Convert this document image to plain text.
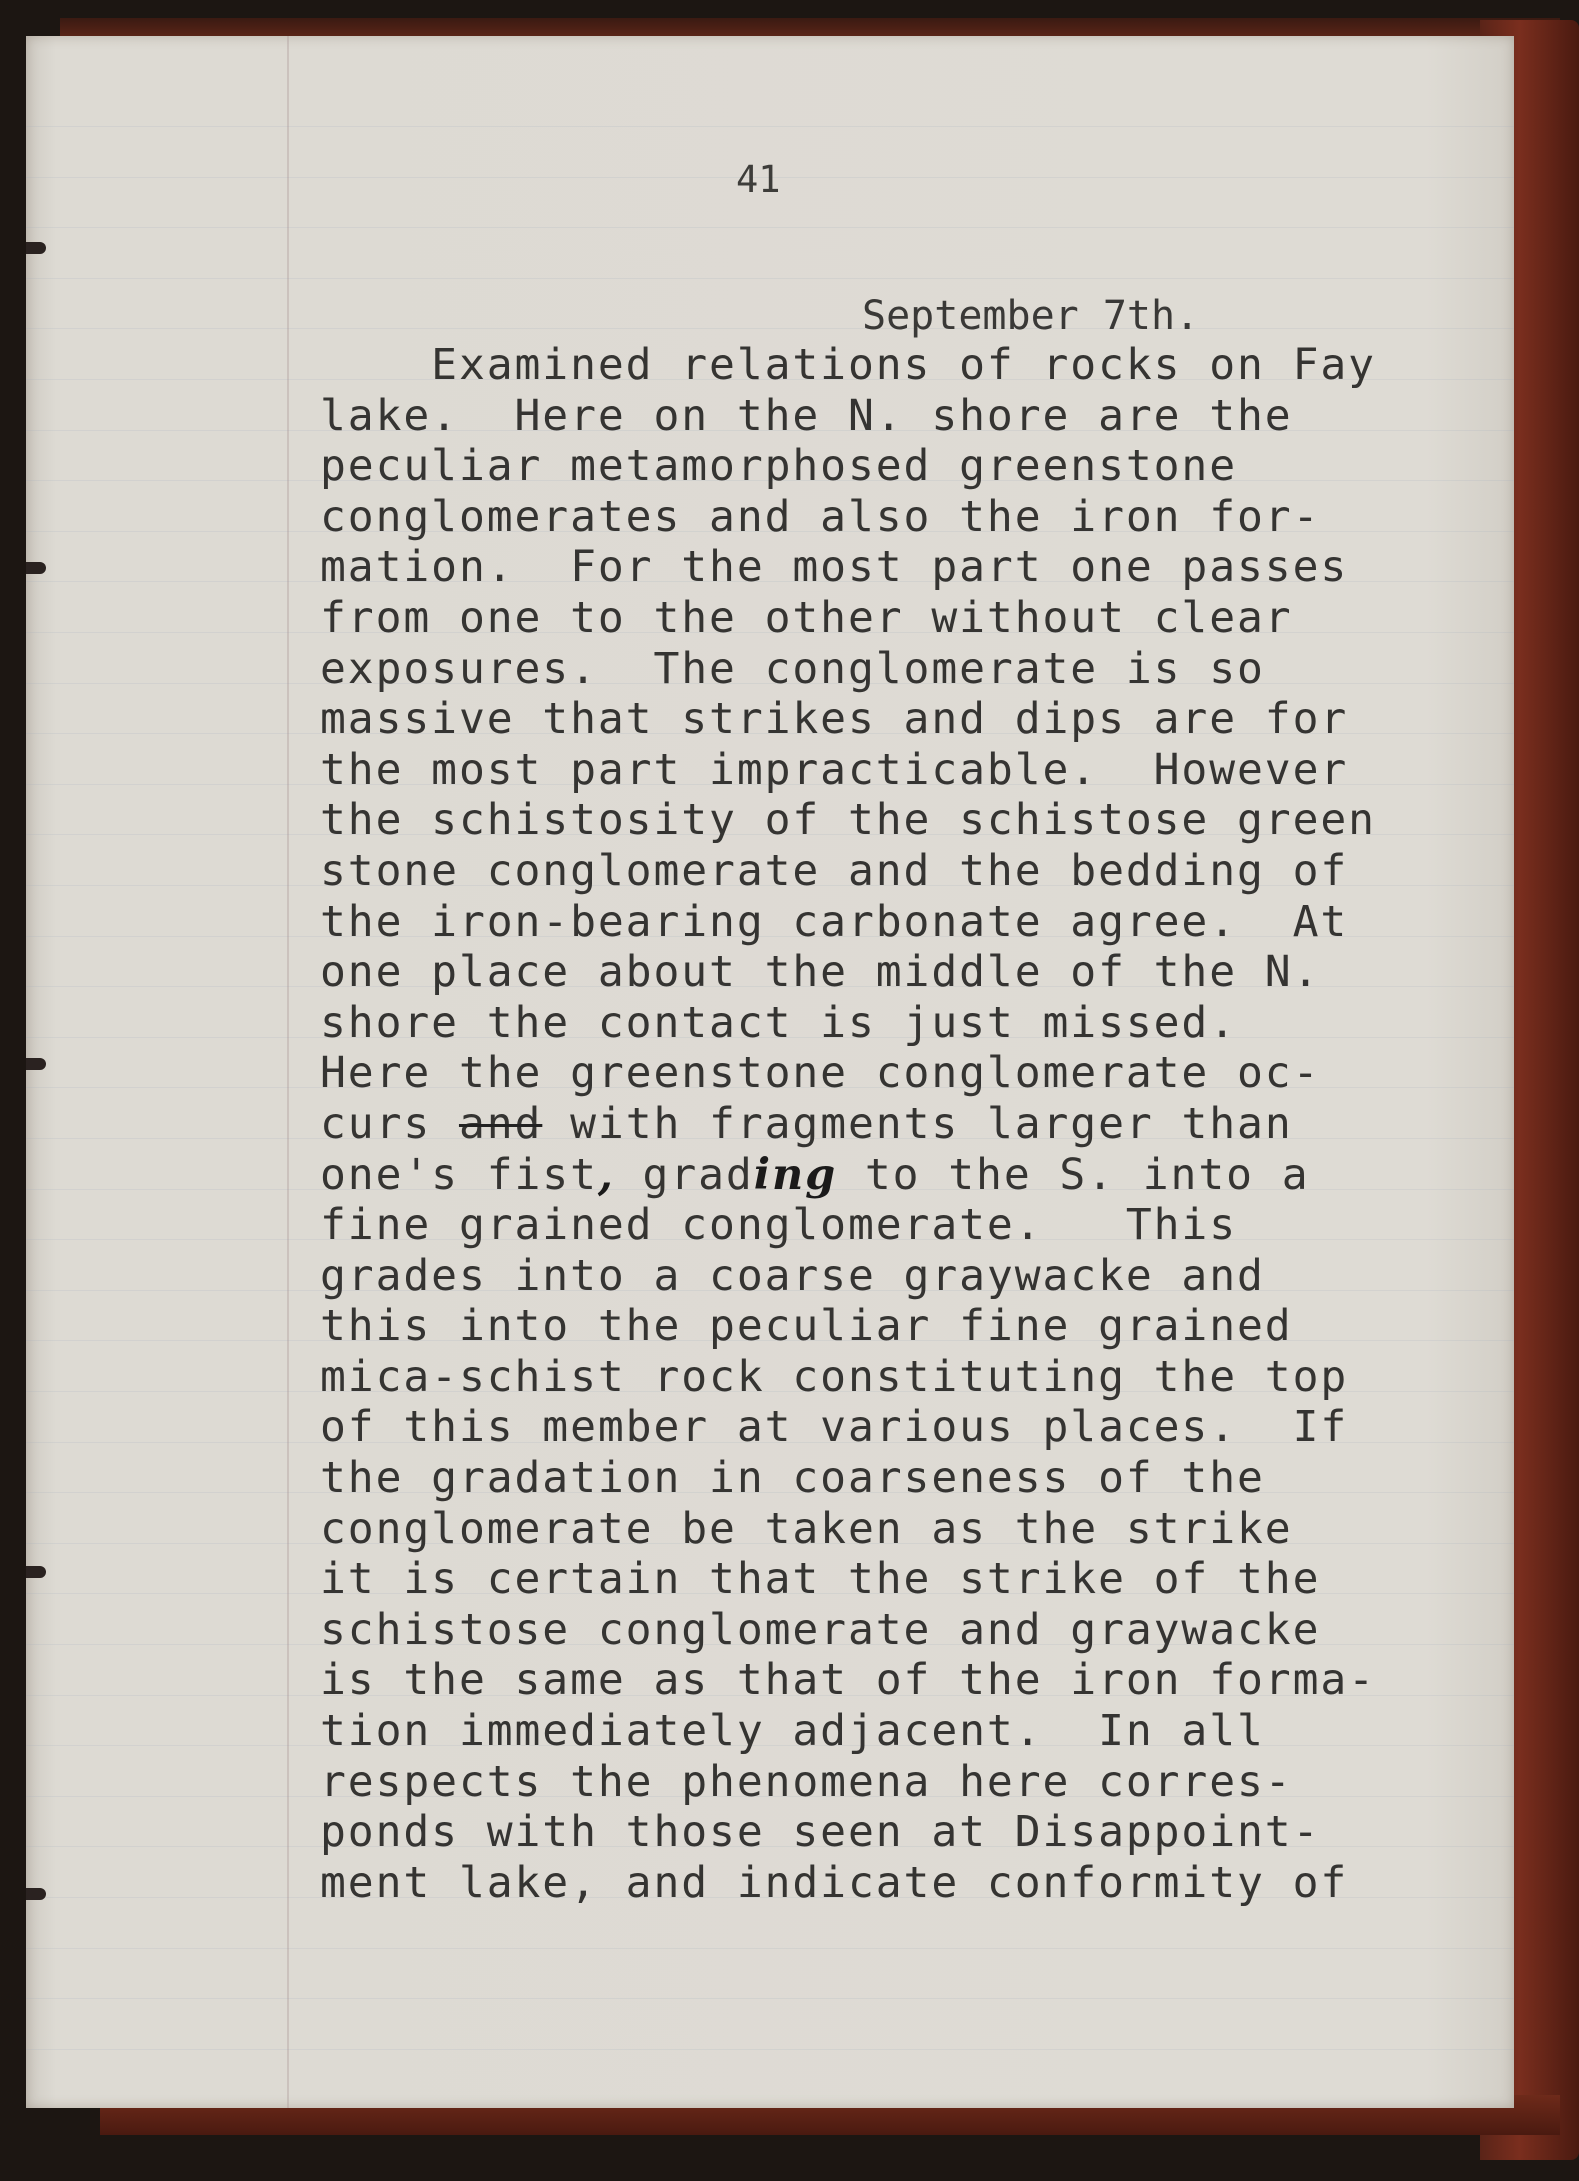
41

September 7th.

Examined relations of rocks on Fay
lake.  Here on the N. shore are the
peculiar metamorphosed greenstone
conglomerates and also the iron for-
mation.  For the most part one passes
from one to the other without clear
exposures.  The conglomerate is so
massive that strikes and dips are for
the most part impracticable.  However
the schistosity of the schistose green
stone conglomerate and the bedding of
the iron-bearing carbonate agree.  At
one place about the middle of the N.
shore the contact is just missed.
Here the greenstone conglomerate oc-
curs and with fragments larger than
one's fist, grading to the S. into a
fine grained conglomerate.   This
grades into a coarse graywacke and
this into the peculiar fine grained
mica-schist rock constituting the top
of this member at various places.  If
the gradation in coarseness of the
conglomerate be taken as the strike
it is certain that the strike of the
schistose conglomerate and graywacke
is the same as that of the iron forma-
tion immediately adjacent.  In all
respects the phenomena here corres-
ponds with those seen at Disappoint-
ment lake, and indicate conformity of
